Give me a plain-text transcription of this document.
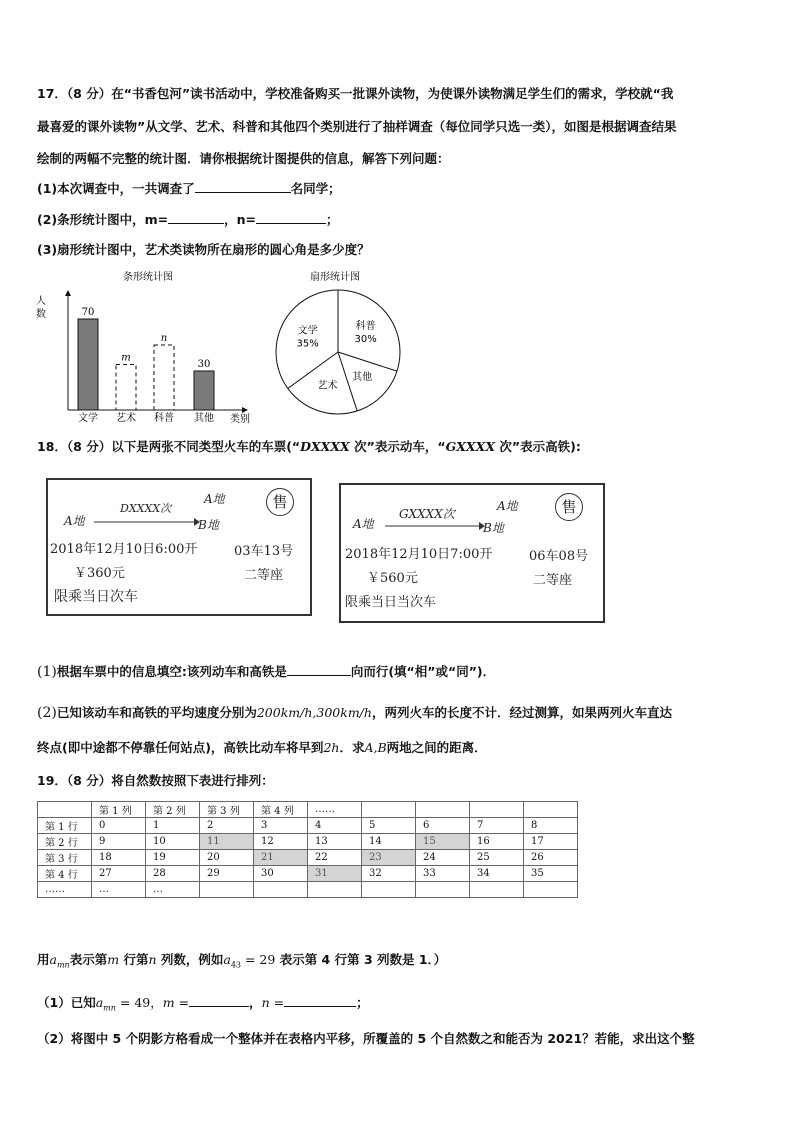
17．（8 分）在“书香包河”读书活动中，学校准备购买一批课外读物，为使课外读物满足学生们的需求，学校就“我
最喜爱的课外读物”从文学、艺术、科普和其他四个类别进行了抽样调查（每位同学只选一类），如图是根据调查结果
绘制的两幅不完整的统计图．请你根据统计图提供的信息，解答下列问题：
(1)本次调查中，一共调查了	名同学；
(2)条形统计图中，m=	，n=	；
(3)扇形统计图中，艺术类读物所在扇形的圆心角是多少度？
条形统计图	扇形统计图
人
数
类别
70
文学
m
艺术
n
科普
30
其他
文学
35%
科普
30%
其他
艺术
18．（8 分）以下是两张不同类型火车的车票(“DXXXX 次”表示动车，“GXXXX 次”表示高铁):
A地	售
DXXXX次
A地	B地
2018年12月10日6:00开	03车13号
￥360元	二等座
限乘当日次车
A地	售
GXXXX次
A地	B地
2018年12月10日7:00开	06车08号
￥560元	二等座
限乘当日当次车
(1)根据车票中的信息填空:该列动车和高铁是	向而行(填“相”或“同”)．
(2)已知该动车和高铁的平均速度分别为200km/h,300km/h，两列火车的长度不计．经过测算，如果两列火车直达
终点(即中途都不停靠任何站点)，高铁比动车将早到2h．求A,B两地之间的距离．
19．（8 分）将自然数按照下表进行排列：
	第 1 列	第 2 列	第 3 列	第 4 列	……				
第 1 行	0	1	2	3	4	5	6	7	8
第 2 行	9	10	11	12	13	14	15	16	17
第 3 行	18	19	20	21	22	23	24	25	26
第 4 行	27	28	29	30	31	32	33	34	35
……	…	…							
用$a_{mn}$表示第m 行第n 列数，例如$a_{43} = 29$ 表示第 4 行第 3 列数是 1．）
（1）已知$a_{mn} = 49$，m =	，n =	；
（2）将图中 5 个阴影方格看成一个整体并在表格内平移，所覆盖的 5 个自然数之和能否为 2021？若能，求出这个整
